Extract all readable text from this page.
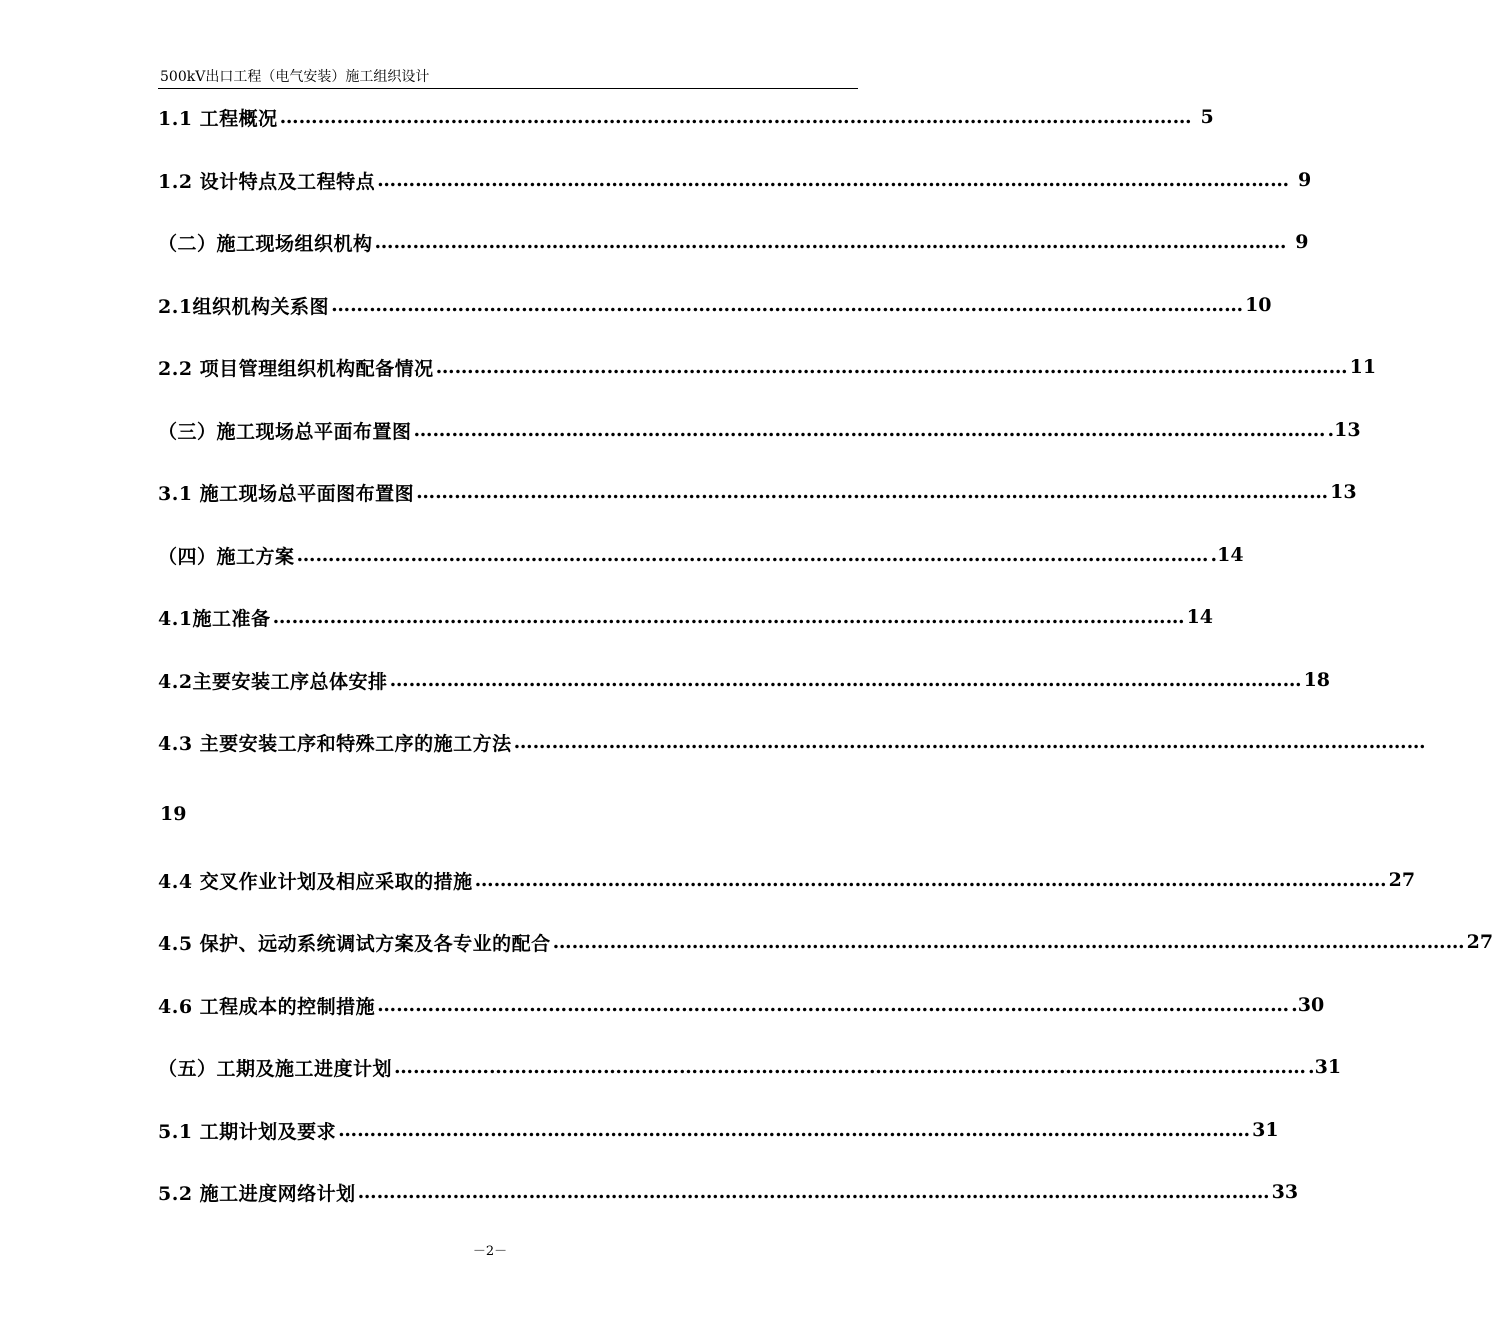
500kV出口工程（电气安装）施工组织设计
1.1 工程概况 ……………………………………………………………………………………………………………………………… 5
1.2 设计特点及工程特点 ……………………………………………………………………………………………………………………………… 9
（二）施工现场组织机构 ……………………………………………………………………………………………………………………………… 9
2.1组织机构关系图 ……………………………………………………………………………………………………………………………… 10
2.2 项目管理组织机构配备情况 ……………………………………………………………………………………………………………………………… 11
（三）施工现场总平面布置图 ……………………………………………………………………………………………………………………………… .13
3.1 施工现场总平面图布置图 ……………………………………………………………………………………………………………………………… 13
（四）施工方案 ……………………………………………………………………………………………………………………………… .14
4.1施工准备 ……………………………………………………………………………………………………………………………… 14
4.2主要安装工序总体安排 ……………………………………………………………………………………………………………………………… 18
4.3 主要安装工序和特殊工序的施工方法 ………………………………………………………………………………………………………………………………
4.4 交叉作业计划及相应采取的措施 ……………………………………………………………………………………………………………………………… 27
4.5 保护、远动系统调试方案及各专业的配合 ……………………………………………………………………………………………………………………………… 27
4.6 工程成本的控制措施 ……………………………………………………………………………………………………………………………… .30
（五）工期及施工进度计划 ……………………………………………………………………………………………………………………………… .31
5.1 工期计划及要求 ……………………………………………………………………………………………………………………………… 31
5.2 施工进度网络计划 ……………………………………………………………………………………………………………………………… 33
19
－2－
